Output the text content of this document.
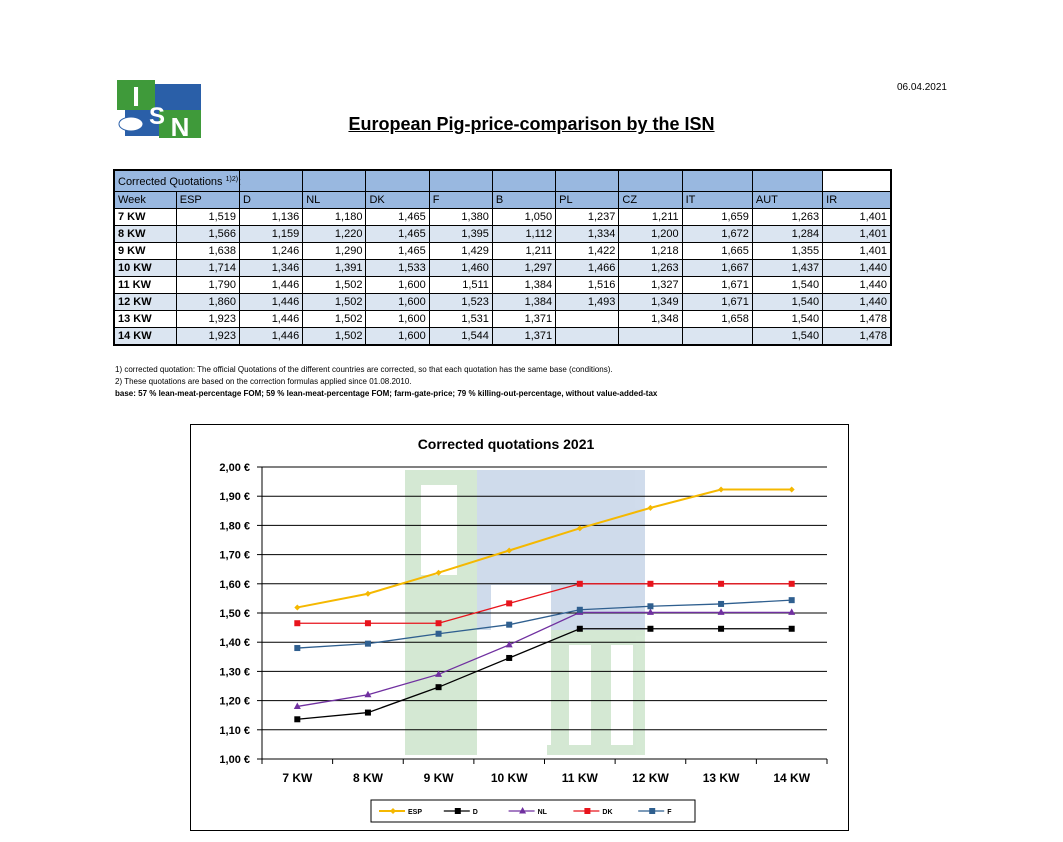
I
S N
06.04.2021
European Pig-price-comparison by the ISN
Corrected Quotations $^{1)2)}$:											
Week	ESP	D	NL	DK	F	B	PL	CZ	IT	AUT	IR
7 KW	1,519	1,136	1,180	1,465	1,380	1,050	1,237	1,211	1,659	1,263	1,401
8 KW	1,566	1,159	1,220	1,465	1,395	1,112	1,334	1,200	1,672	1,284	1,401
9 KW	1,638	1,246	1,290	1,465	1,429	1,211	1,422	1,218	1,665	1,355	1,401
10 KW	1,714	1,346	1,391	1,533	1,460	1,297	1,466	1,263	1,667	1,437	1,440
11 KW	1,790	1,446	1,502	1,600	1,511	1,384	1,516	1,327	1,671	1,540	1,440
12 KW	1,860	1,446	1,502	1,600	1,523	1,384	1,493	1,349	1,671	1,540	1,440
13 KW	1,923	1,446	1,502	1,600	1,531	1,371		1,348	1,658	1,540	1,478
14 KW	1,923	1,446	1,502	1,600	1,544	1,371				1,540	1,478
1) corrected quotation: The official Quotations of the different countries are corrected, so that each quotation has the same base (conditions).
2) These quotations are based on the correction formulas applied since 01.08.2010.
base: 57 % lean-meat-percentage FOM; 59 % lean-meat-percentage FOM; farm-gate-price; 79 % killing-out-percentage, without value-added-tax
1,00 €
1,10 €
1,20 €
1,30 €
1,40 €
1,50 €
1,60 €
1,70 €
1,80 €
1,90 €
2,00 €
7 KW	8 KW	9 KW	10 KW	11 KW	12 KW	13 KW	14 KW
Corrected quotations 2021
ESP	D	NL	DK	F
